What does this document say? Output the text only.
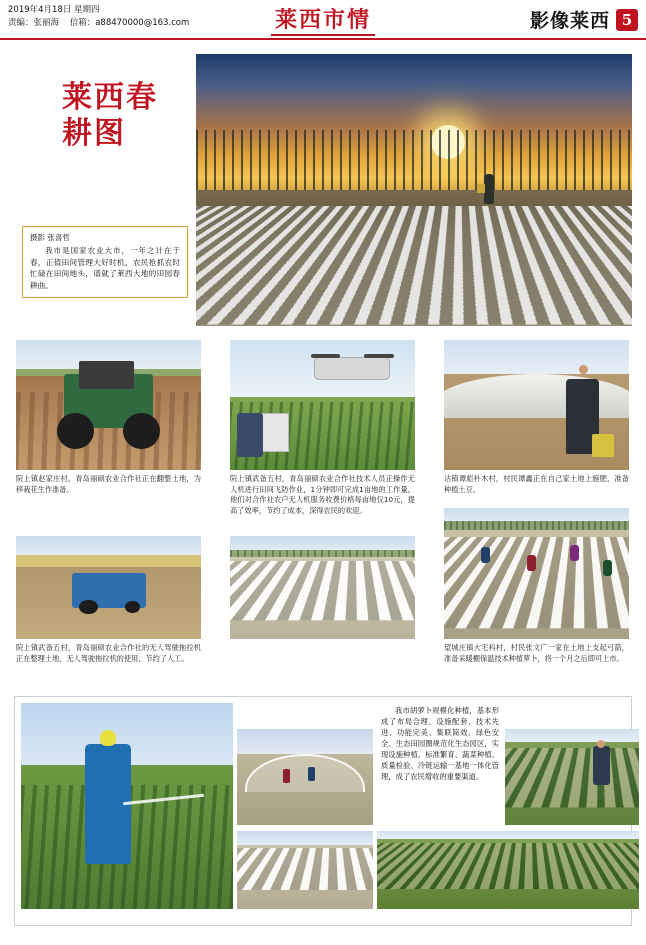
2019年4月18日 星期四
责编：张丽海 信箱：a88470000@163.com	莱西市情	影像莱西 5
莱西春耕图
摄影 张喜哲
我市是国家农业大市，一年之计在于春，正值田间管理大好时机，农民抢抓农时忙碌在田间地头，谱就了莱西大地的田园春耕曲。
院上镇赵家庄村，青岛丽硕农业合作社正在翻整土地，为移栽花生作准备。
院上镇武备五村，青岛丽硕农业合作社技术人员正操作无人机进行田间飞防作业，1分钟即可完成1亩地的工作量，他们对合作社农户无人机服务收费价格每亩地仅10元，提高了效率，节约了成本，深得农民的欢迎。
沽镇谭彪朴木村，村民谭鑫正在自己家土地上施肥，准备种植土豆。
院上镇武备五村，青岛丽硕农业合作社的无人驾驶拖拉机正在整理土地，无人驾驶拖拉机的使用，节约了人工。
望城庄镇大宅科村，村民张文广一家在土地上支起弓箭，准备采暖棚保温技术种植萝卜，将一个月之后即可上市。
我市胡萝卜规模化种植，基本形成了布局合理、设施配套、技术先进、功能完美、集联简效、绿色安全、生态田园圈规范化生态园区，实现设施种植、标准繁育、蔬菜种植、质量检验、冷链运输一基地一体化管理，成了农民增收的重要渠道。
